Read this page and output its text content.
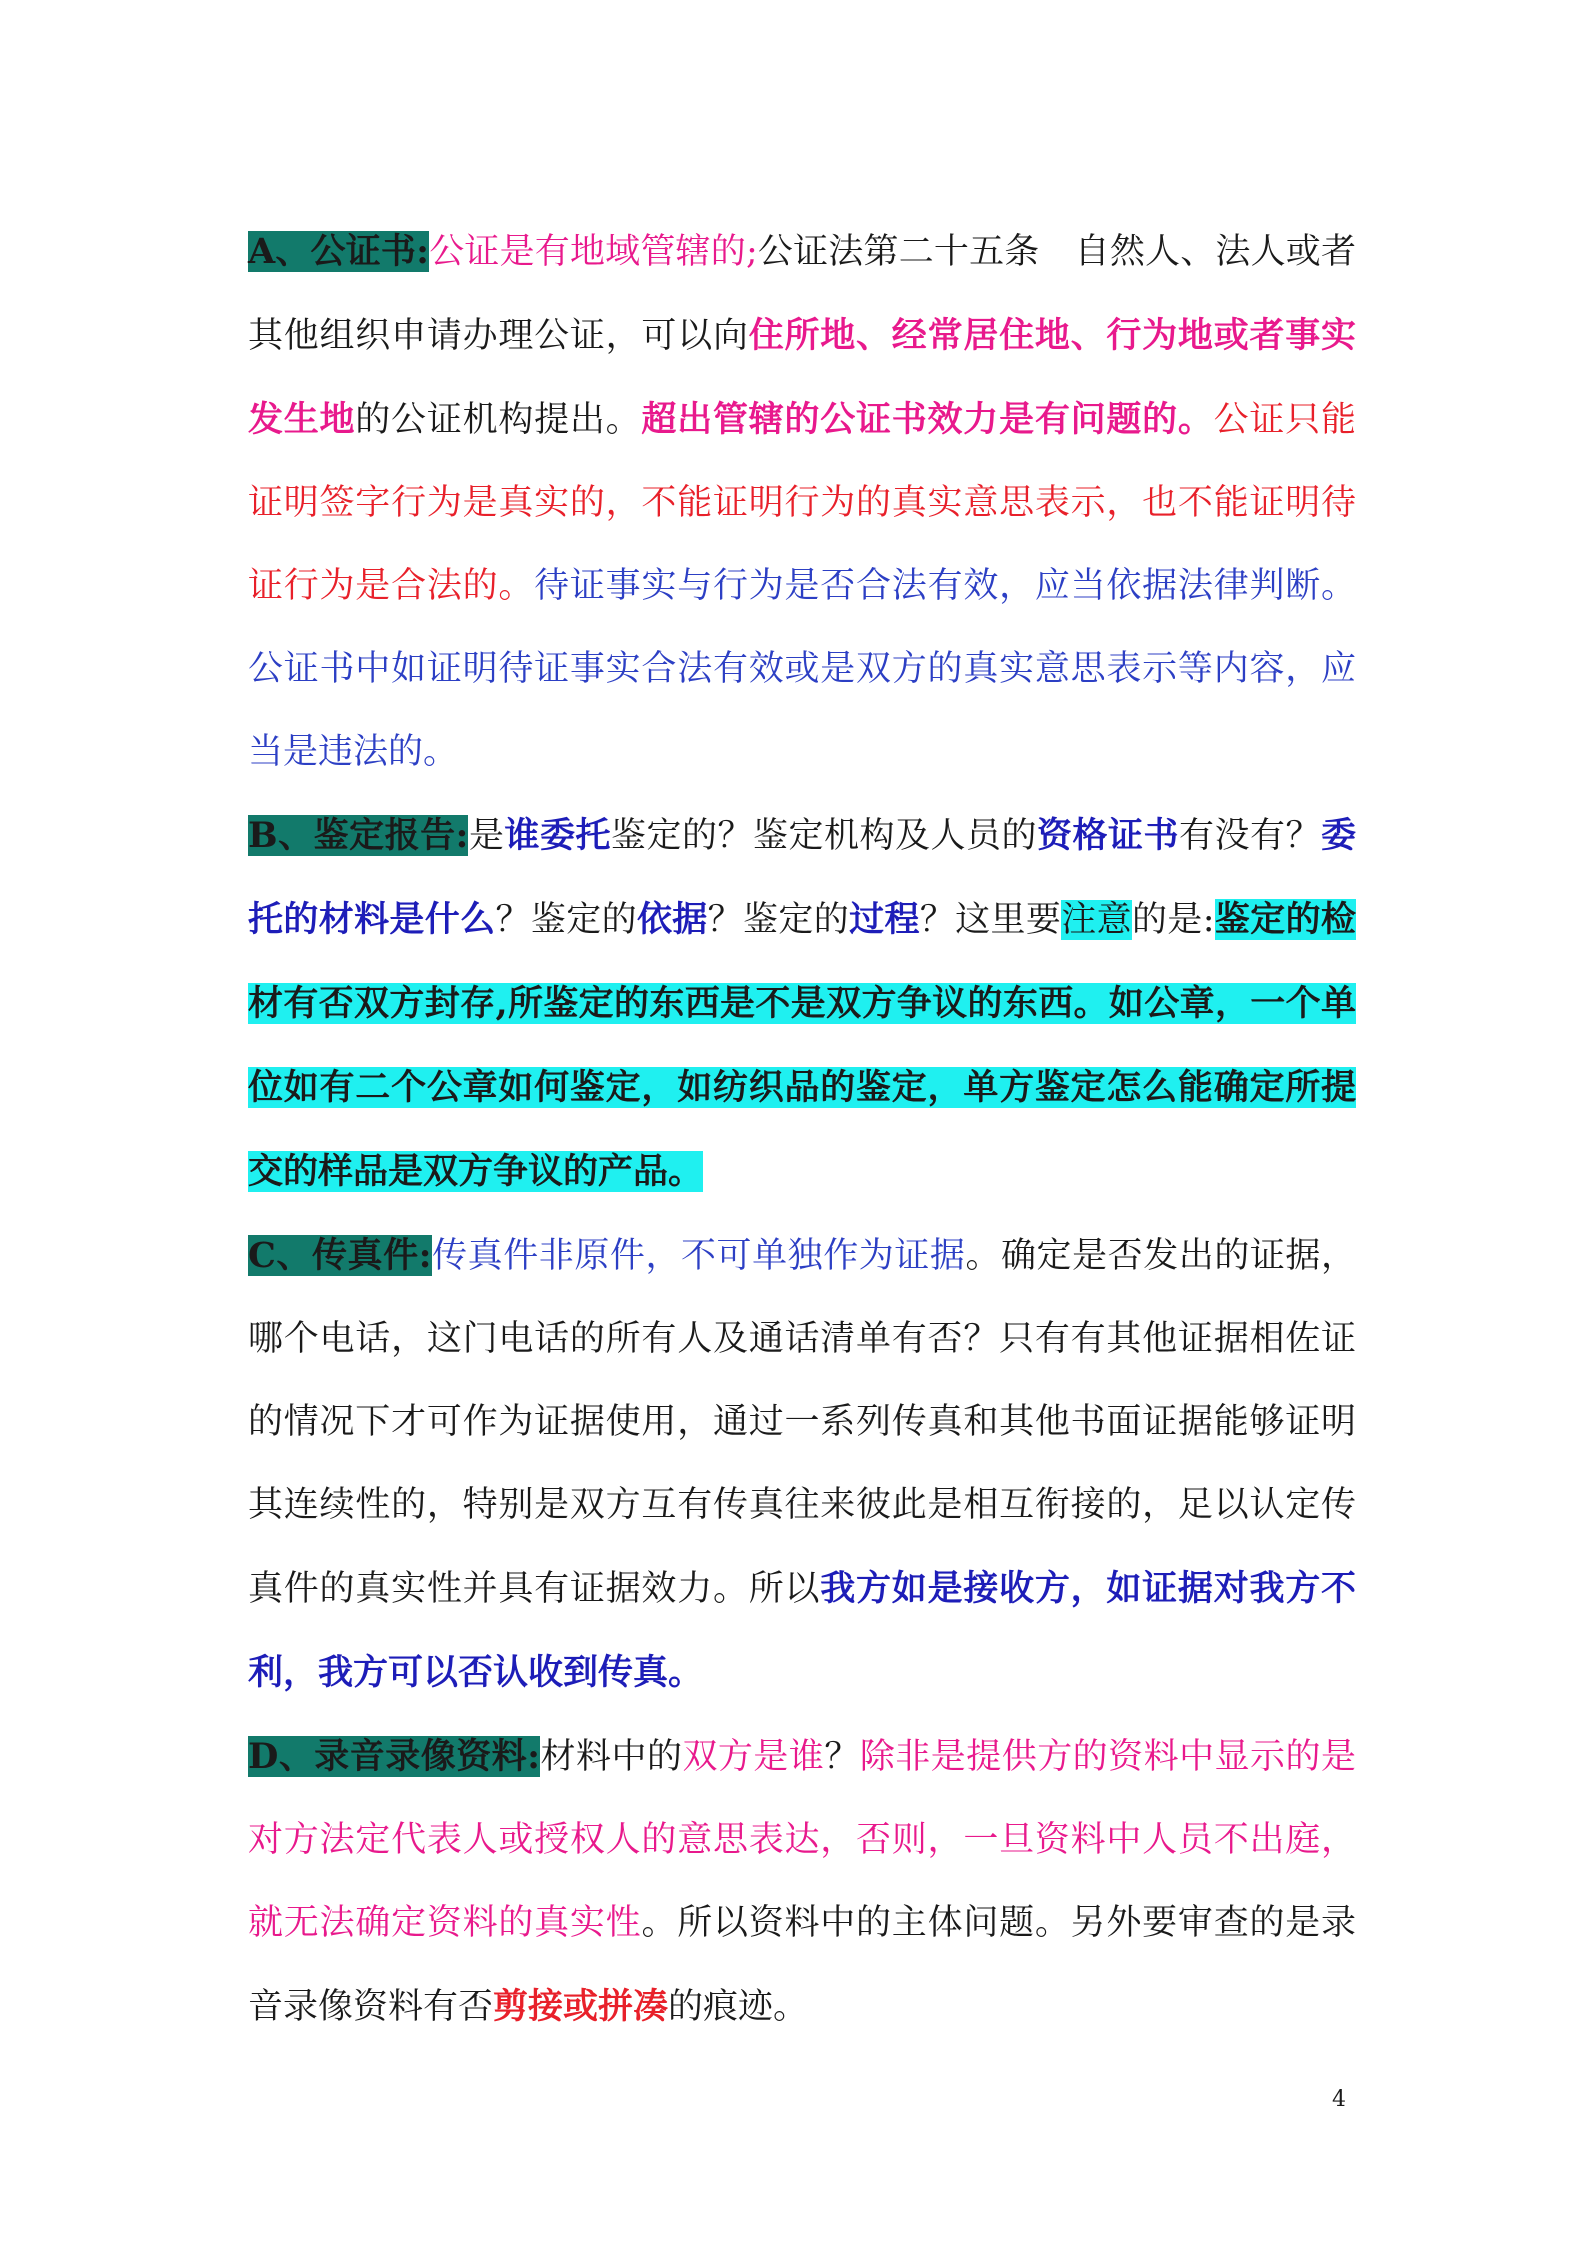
A、公证书:公证是有地域管辖的;公证法第二十五条　自然人、法人或者其他组织申请办理公证，可以向住所地、经常居住地、行为地或者事实发生地的公证机构提出。超出管辖的公证书效力是有问题的。公证只能证明签字行为是真实的，不能证明行为的真实意思表示，也不能证明待证行为是合法的。待证事实与行为是否合法有效，应当依据法律判断。公证书中如证明待证事实合法有效或是双方的真实意思表示等内容，应当是违法的。

B、鉴定报告:是谁委托鉴定的？鉴定机构及人员的资格证书有没有？委托的材料是什么？鉴定的依据？鉴定的过程？这里要注意的是:鉴定的检材有否双方封存,所鉴定的东西是不是双方争议的东西。如公章，一个单位如有二个公章如何鉴定，如纺织品的鉴定，单方鉴定怎么能确定所提交的样品是双方争议的产品。

C、传真件:传真件非原件，不可单独作为证据。确定是否发出的证据，哪个电话，这门电话的所有人及通话清单有否？只有有其他证据相佐证的情况下才可作为证据使用，通过一系列传真和其他书面证据能够证明其连续性的，特别是双方互有传真往来彼此是相互衔接的，足以认定传真件的真实性并具有证据效力。所以我方如是接收方，如证据对我方不利，我方可以否认收到传真。

D、录音录像资料:材料中的双方是谁？除非是提供方的资料中显示的是对方法定代表人或授权人的意思表达，否则，一旦资料中人员不出庭，就无法确定资料的真实性。所以资料中的主体问题。另外要审查的是录音录像资料有否剪接或拼凑的痕迹。

4
